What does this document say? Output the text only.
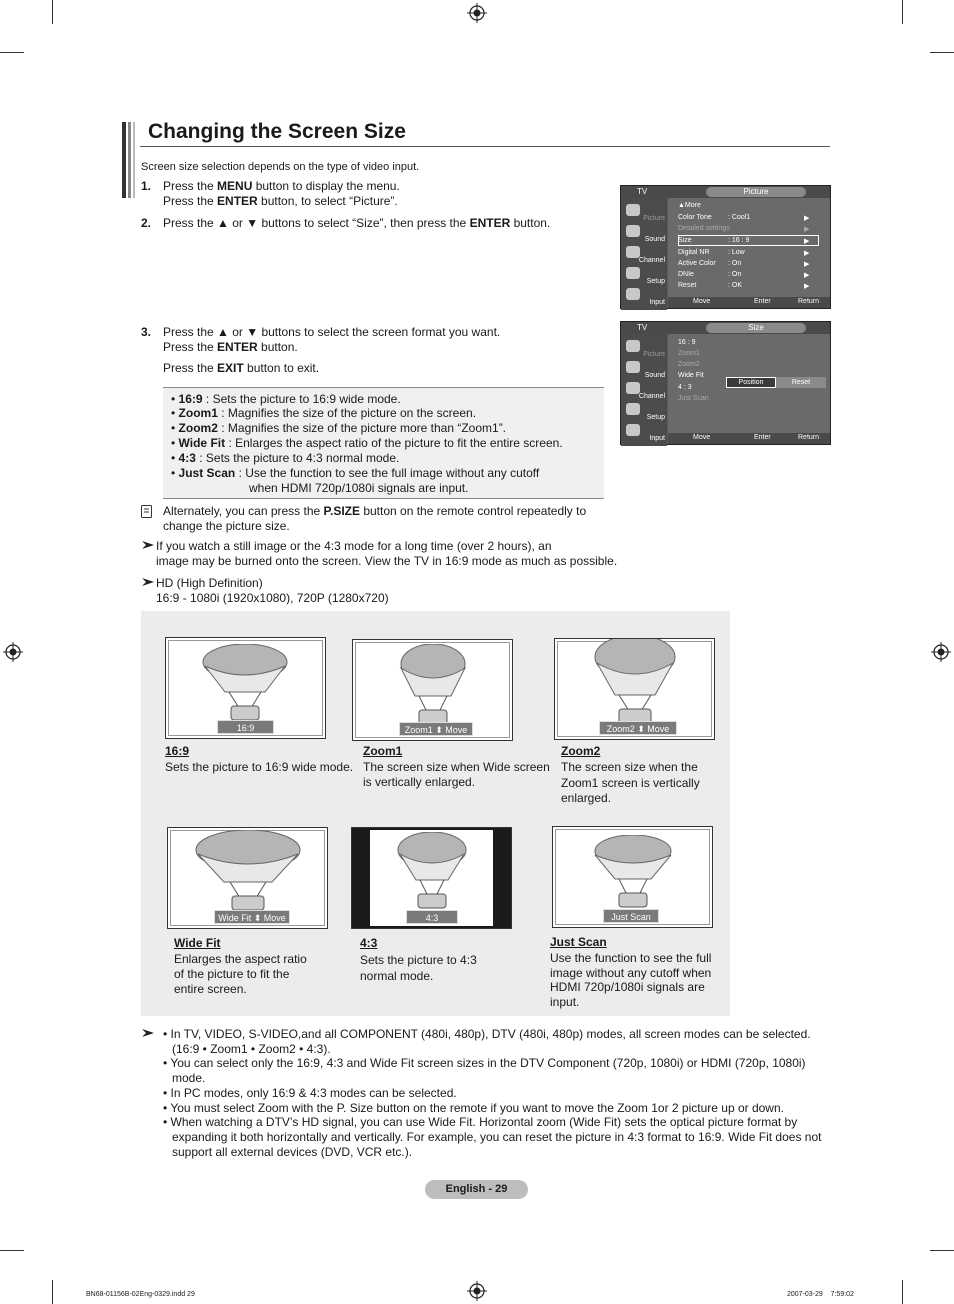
Changing the Screen Size
Screen size selection depends on the type of video input.
1. Press the MENU button to display the menu.
Press the ENTER button, to select “Picture”.
2. Press the ▲ or ▼ buttons to select “Size”, then press the ENTER button.
TV	Picture
Picture
Sound
Channel
Setup
Input
▲More
Color Tone : Cool1	▶
Detailed settings	▶
Size	: 16 : 9	▶
Digital NR	: Low	▶
Active Color : On	▶
DNIe	: On	▶
Reset	: OK	▶
Move	Enter	Return
3. Press the ▲ or ▼ buttons to select the screen format you want.
Press the ENTER button.
Press the EXIT button to exit.
TV	Size
Picture
Sound
Channel
Setup
Input
16 : 9
Zoom1
Zoom2
Wide Fit
4 : 3
Just Scan
Position	Reset
Move	Enter	Return
• 16:9 : Sets the picture to 16:9 wide mode.
• Zoom1 : Magnifies the size of the picture on the screen.
• Zoom2 : Magnifies the size of the picture more than “Zoom1”.
• Wide Fit : Enlarges the aspect ratio of the picture to fit the entire screen.
• 4:3 : Sets the picture to 4:3 normal mode.
• Just Scan : Use the function to see the full image without any cutoff
when HDMI 720p/1080i signals are input.
Alternately, you can press the P.SIZE button on the remote control repeatedly to
change the picture size.
If you watch a still image or the 4:3 mode for a long time (over 2 hours), an
image may be burned onto the screen. View the TV in 16:9 mode as much as possible.
HD (High Definition)
16:9 - 1080i (1920x1080), 720P (1280x720)
16:9	Zoom1 ⬍ Move	Zoom2 ⬍ Move
16:9
Sets the picture to 16:9 wide mode.
Zoom1
The screen size when Wide screen
is vertically enlarged.
Zoom2
The screen size when the
Zoom1 screen is vertically
enlarged.
Wide Fit ⬍ Move	4:3	Just Scan
Wide Fit
Enlarges the aspect ratio
of the picture to fit the
entire screen.
4:3
Sets the picture to 4:3
normal mode.
Just Scan
Use the function to see the full
image without any cutoff when
HDMI 720p/1080i signals are
input.
• In TV, VIDEO, S-VIDEO,and all COMPONENT (480i, 480p), DTV (480i, 480p) modes, all screen modes can be selected.
(16:9 • Zoom1 • Zoom2 • 4:3).
• You can select only the 16:9, 4:3 and Wide Fit screen sizes in the DTV Component (720p, 1080i) or HDMI (720p, 1080i)
mode.
• In PC modes, only 16:9 & 4:3 modes can be selected.
• You must select Zoom with the P. Size button on the remote if you want to move the Zoom 1or 2 picture up or down.
• When watching a DTV’s HD signal, you can use Wide Fit. Horizontal zoom (Wide Fit) sets the optical picture format by
expanding it both horizontally and vertically. For example, you can reset the picture in 4:3 format to 16:9. Wide Fit does not
support all external devices (DVD, VCR etc.).
English - 29
BN68-01156B-02Eng-0329.indd 29	2007-03-29    7:59:02
